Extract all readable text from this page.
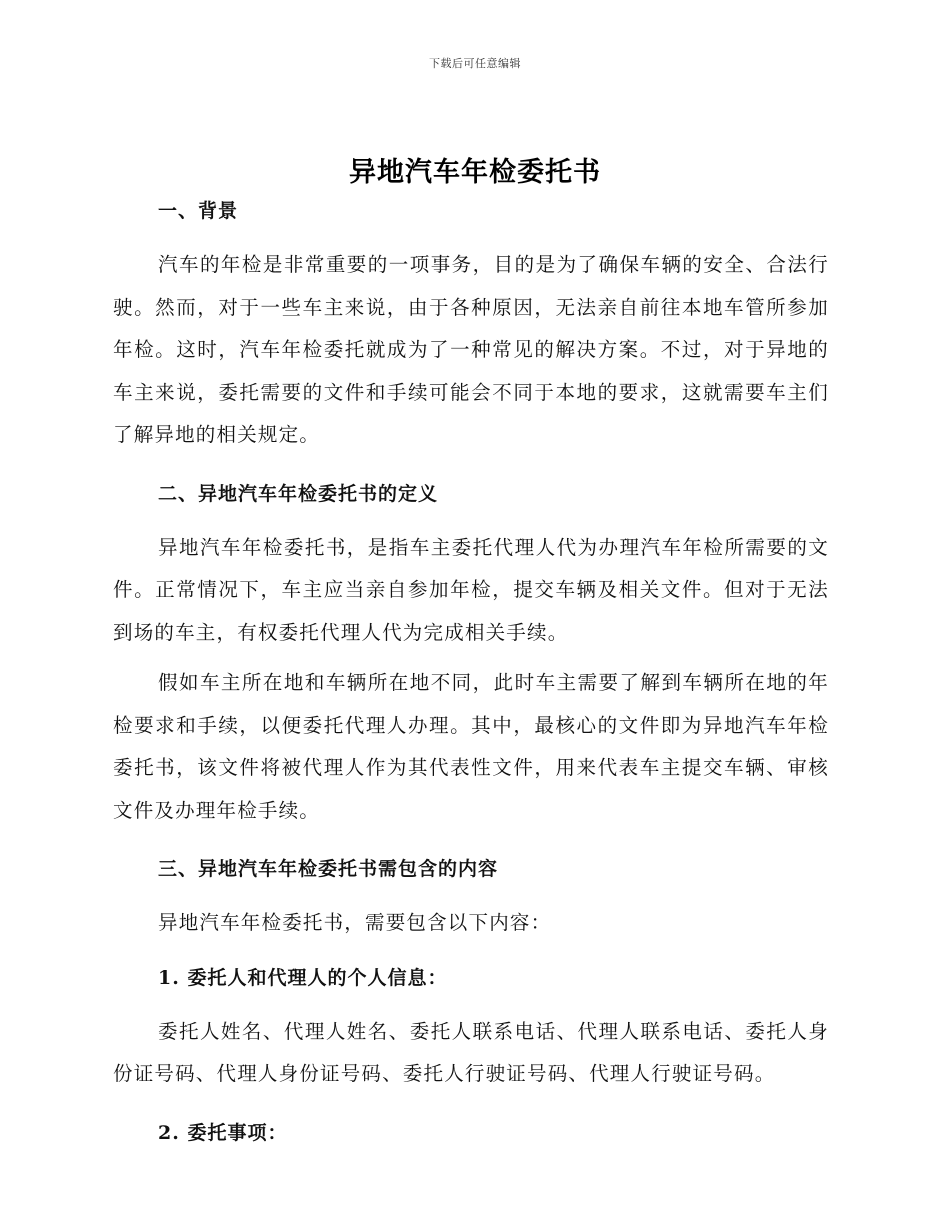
下载后可任意编辑
异地汽车年检委托书

一、背景

汽车的年检是非常重要的一项事务，目的是为了确保车辆的安全、合法行驶。然而，对于一些车主来说，由于各种原因，无法亲自前往本地车管所参加年检。这时，汽车年检委托就成为了一种常见的解决方案。不过，对于异地的车主来说，委托需要的文件和手续可能会不同于本地的要求，这就需要车主们了解异地的相关规定。

二、异地汽车年检委托书的定义

异地汽车年检委托书，是指车主委托代理人代为办理汽车年检所需要的文件。正常情况下，车主应当亲自参加年检，提交车辆及相关文件。但对于无法到场的车主，有权委托代理人代为完成相关手续。

假如车主所在地和车辆所在地不同，此时车主需要了解到车辆所在地的年检要求和手续，以便委托代理人办理。其中，最核心的文件即为异地汽车年检委托书，该文件将被代理人作为其代表性文件，用来代表车主提交车辆、审核文件及办理年检手续。

三、异地汽车年检委托书需包含的内容

异地汽车年检委托书，需要包含以下内容：

1. 委托人和代理人的个人信息：

委托人姓名、代理人姓名、委托人联系电话、代理人联系电话、委托人身份证号码、代理人身份证号码、委托人行驶证号码、代理人行驶证号码。

2. 委托事项：
